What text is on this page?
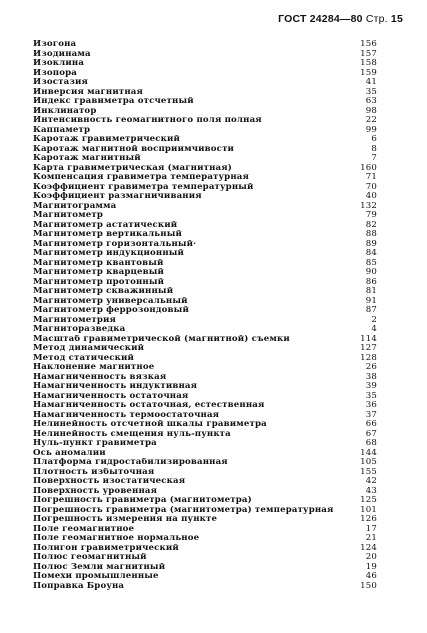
ГОСТ 24284—80 Стр. 15
Изогона	156
Изодинама	157
Изоклина	158
Изопора	159
Изостазия	41
Инверсия магнитная	35
Индекс гравиметра отсчетный	63
Инклинатор	98
Интенсивность геомагнитного поля полная	22
Каппаметр	99
Каротаж гравиметрический	6
Каротаж магнитной восприимчивости	8
Каротаж магнитный	7
Карта гравиметрическая (магнитная)	160
Компенсация гравиметра температурная	71
Коэффициент гравиметра температурный	70
Коэффициент размагничивания	40
Магнитограмма	132
Магнитометр	79
Магнитометр астатический	82
Магнитометр вертикальный	88
Магнитометр горизонтальный·	89
Магнитометр индукционный	84
Магнитометр квантовый	85
Магнитометр кварцевый	90
Магнитометр протонный	86
Магнитометр скважинный	81
Магнитометр универсальный	91
Магнитометр феррозондовый	87
Магнитометрия	2
Магниторазведка	4
Масштаб гравиметрической (магнитной) съемки	114
Метод динамический	127
Метод статический	128
Наклонение магнитное	26
Намагниченность вязкая	38
Намагниченность индуктивная	39
Намагниченность остаточная	35
Намагниченность остаточная, естественная	36
Намагниченность термоостаточная	37
Нелинейность отсчетной шкалы гравиметра	66
Нелинейность смещения нуль-пункта	67
Нуль-пункт гравиметра	68
Ось аномалии	144
Платформа гидростабилизированная	105
Плотность избыточная	155
Поверхность изостатическая	42
Поверхность уровенная	43
Погрешность гравиметра (магнитометра)	125
Погрешность гравиметра (магнитометра) температурная	101
Погрешность измерения на пункте	126
Поле геомагнитное	17
Поле геомагнитное нормальное	21
Полигон гравиметрический	124
Полюс геомагнитный	20
Полюс Земли магнитный	19
Помехи промышленные	46
Поправка Броуна	150
